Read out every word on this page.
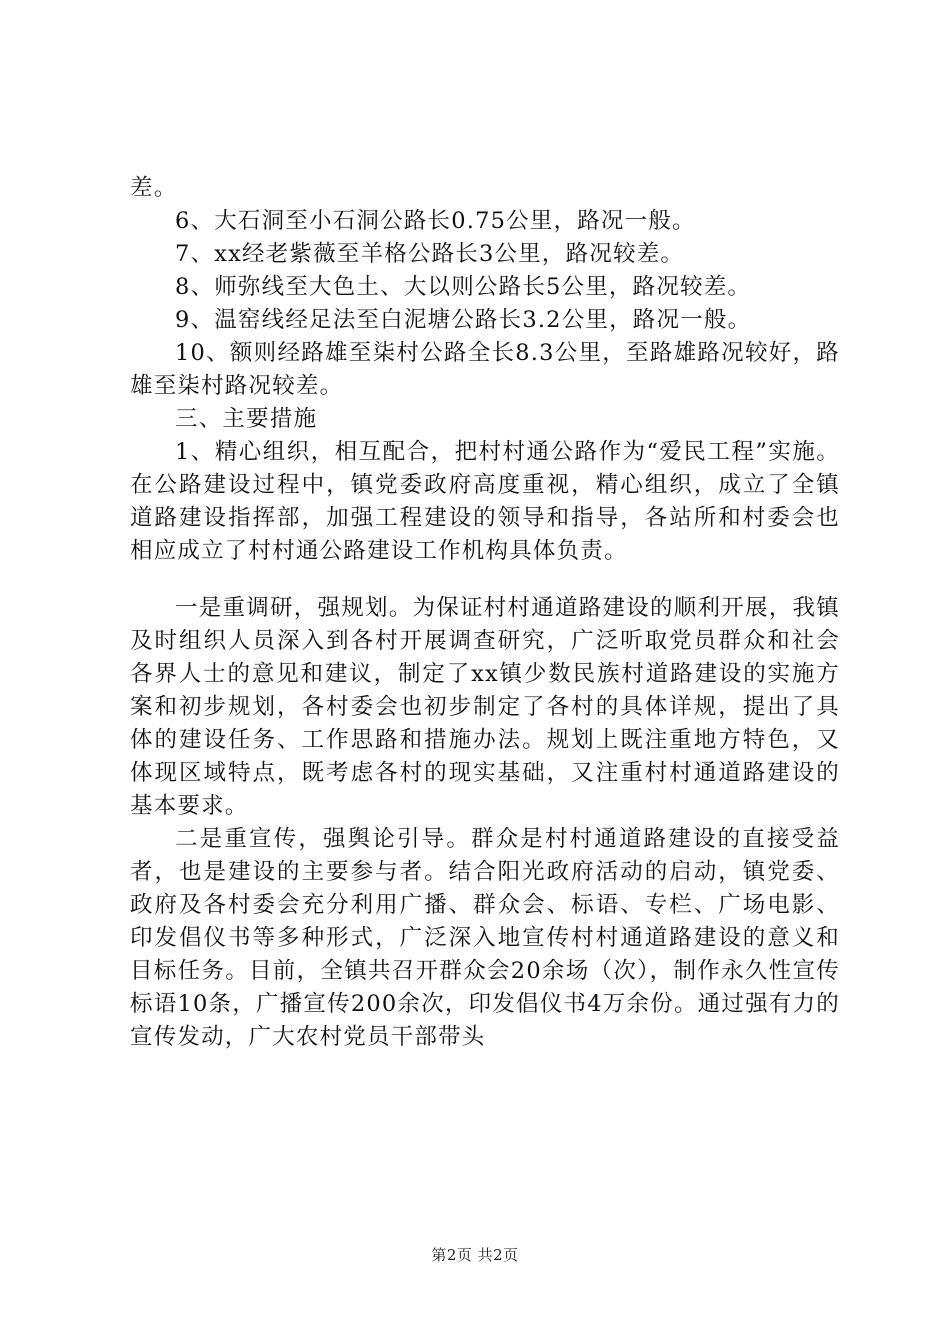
差。

6、大石洞至小石洞公路长0.75公里，路况一般。

7、xx经老紫薇至羊格公路长3公里，路况较差。

8、师弥线至大色土、大以则公路长5公里，路况较差。

9、温窑线经足法至白泥塘公路长3.2公里，路况一般。

10、额则经路雄至柒村公路全长8.3公里，至路雄路况较好，路雄至柒村路况较差。

三、主要措施

1、精心组织，相互配合，把村村通公路作为“爱民工程”实施。在公路建设过程中，镇党委政府高度重视，精心组织，成立了全镇道路建设指挥部，加强工程建设的领导和指导，各站所和村委会也相应成立了村村通公路建设工作机构具体负责。

一是重调研，强规划。为保证村村通道路建设的顺利开展，我镇及时组织人员深入到各村开展调查研究，广泛听取党员群众和社会各界人士的意见和建议，制定了xx镇少数民族村道路建设的实施方案和初步规划，各村委会也初步制定了各村的具体详规，提出了具体的建设任务、工作思路和措施办法。规划上既注重地方特色，又体现区域特点，既考虑各村的现实基础，又注重村村通道路建设的基本要求。

二是重宣传，强舆论引导。群众是村村通道路建设的直接受益者，也是建设的主要参与者。结合阳光政府活动的启动，镇党委、政府及各村委会充分利用广播、群众会、标语、专栏、广场电影、印发倡仪书等多种形式，广泛深入地宣传村村通道路建设的意义和目标任务。目前，全镇共召开群众会20余场（次），制作永久性宣传标语10条，广播宣传200余次，印发倡仪书4万余份。通过强有力的宣传发动，广大农村党员干部带头

第2页 共2页
